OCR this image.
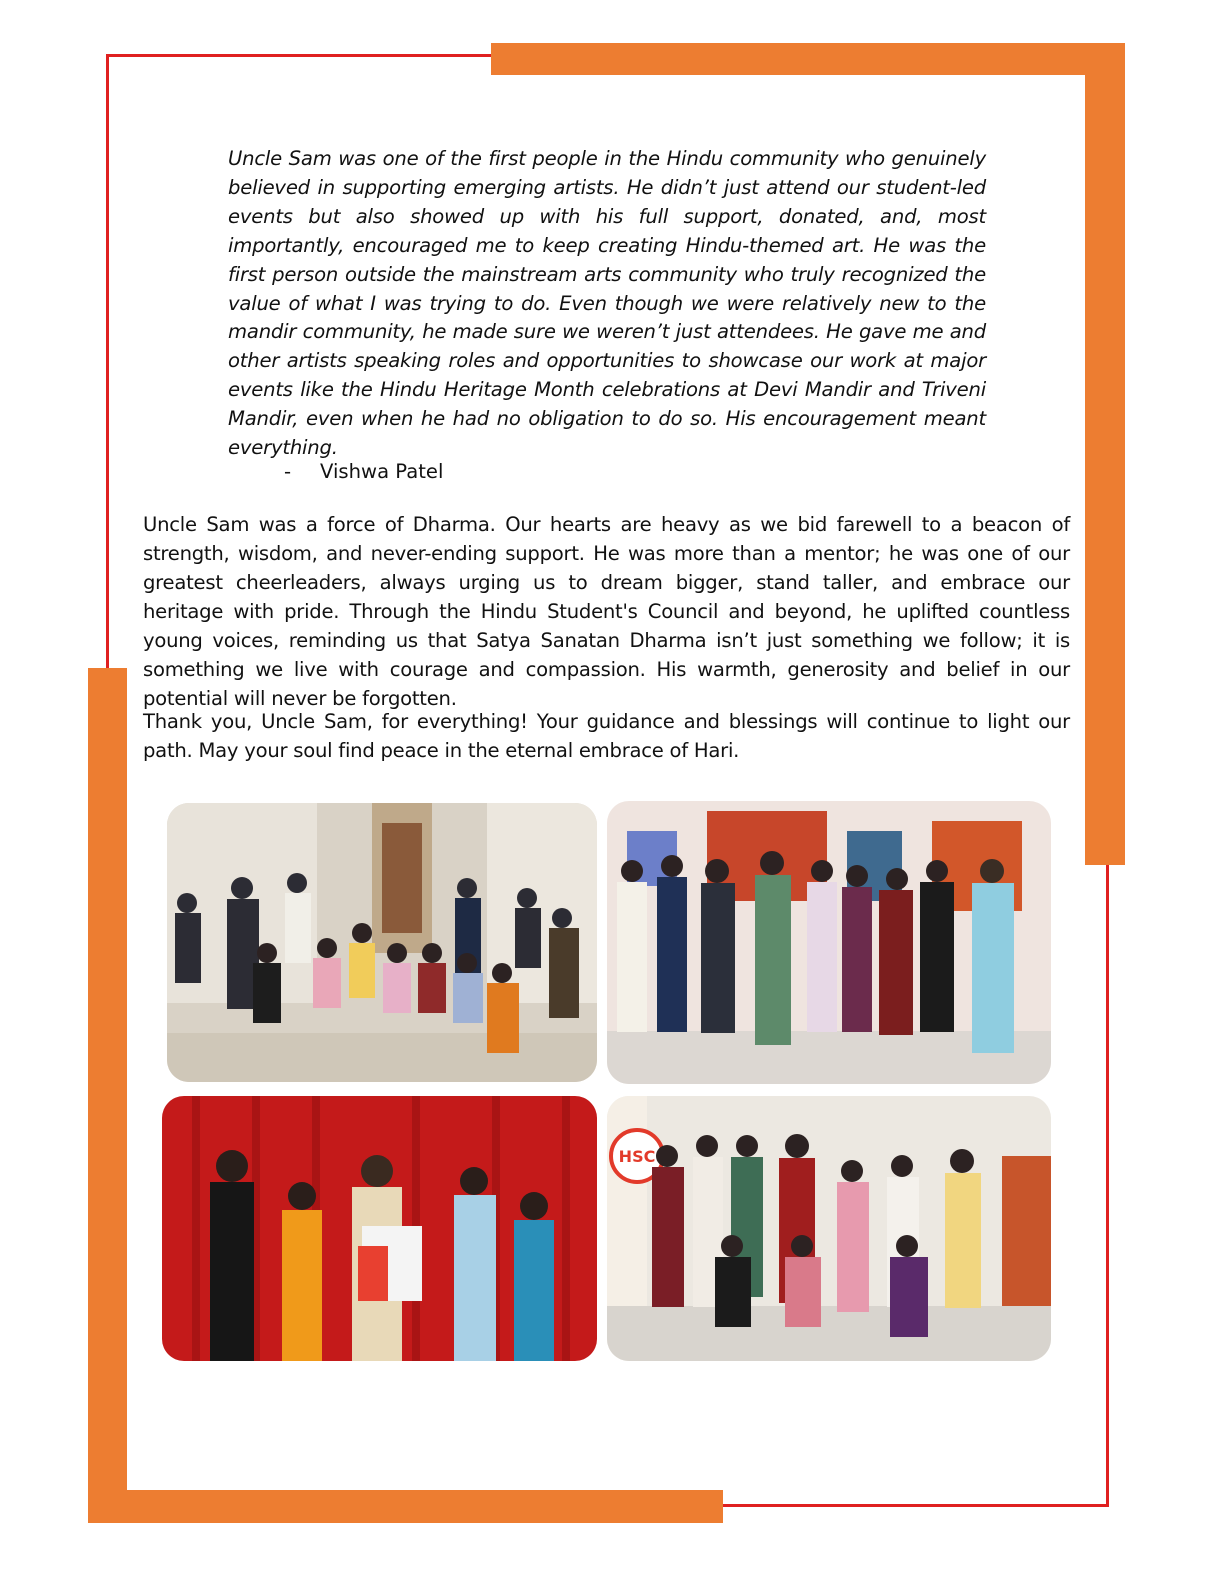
Uncle Sam was one of the first people in the Hindu community who genuinely believed in supporting emerging artists. He didn’t just attend our student-led events but also showed up with his full support, donated, and, most importantly, encouraged me to keep creating Hindu-themed art. He was the first person outside the mainstream arts community who truly recognized the value of what I was trying to do. Even though we were relatively new to the mandir community, he made sure we weren’t just attendees. He gave me and other artists speaking roles and opportunities to showcase our work at major events like the Hindu Heritage Month celebrations at Devi Mandir and Triveni Mandir, even when he had no obligation to do so. His encouragement meant everything.

- Vishwa Patel

Uncle Sam was a force of Dharma. Our hearts are heavy as we bid farewell to a beacon of strength, wisdom, and never-ending support. He was more than a mentor; he was one of our greatest cheerleaders, always urging us to dream bigger, stand taller, and embrace our heritage with pride. Through the Hindu Student's Council and beyond, he uplifted countless young voices, reminding us that Satya Sanatan Dharma isn’t just something we follow; it is something we live with courage and compassion. His warmth, generosity and belief in our potential will never be forgotten.

Thank you, Uncle Sam, for everything! Your guidance and blessings will continue to light our path. May your soul find peace in the eternal embrace of Hari.

HSC
